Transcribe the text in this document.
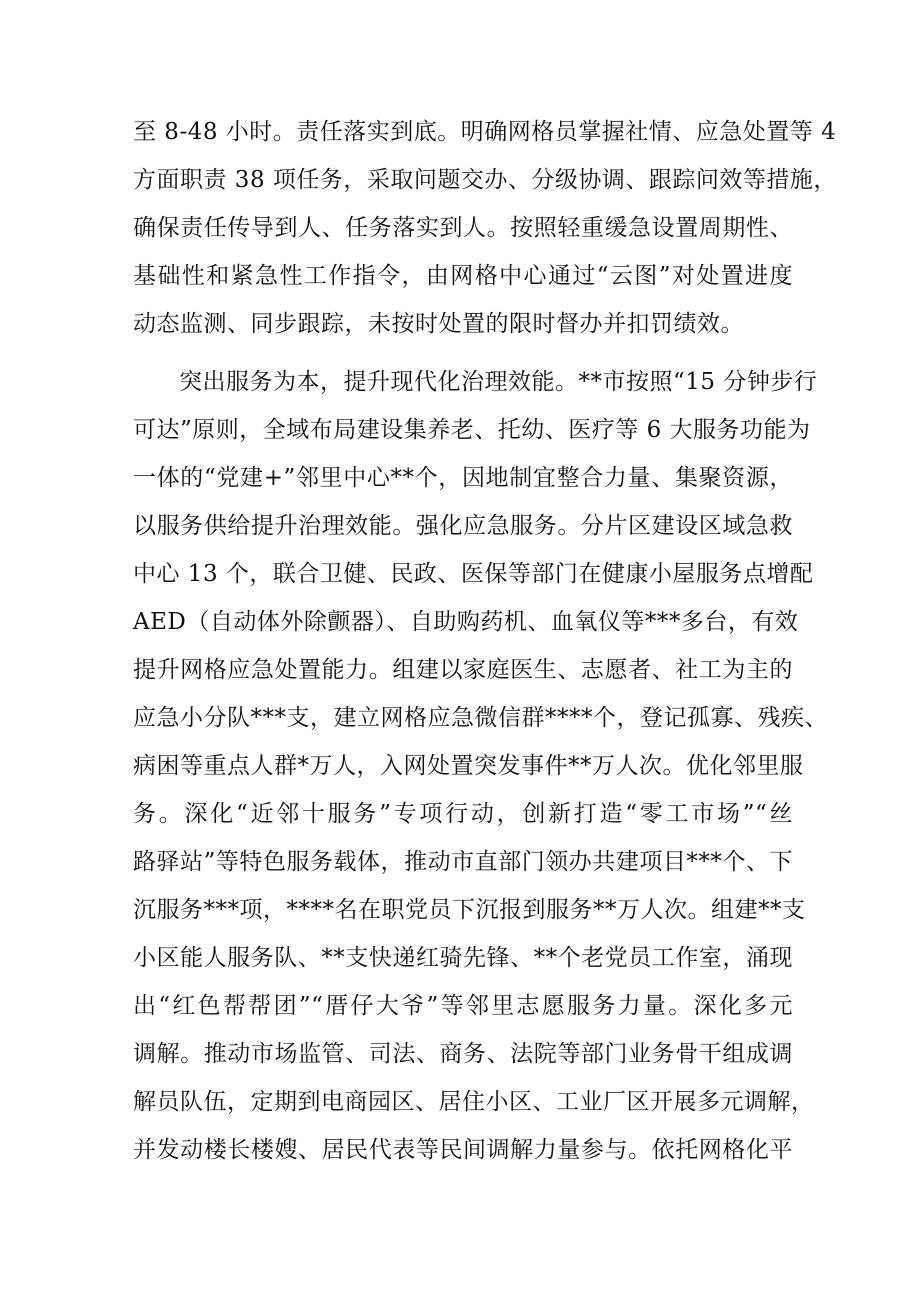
至 8-48 小时。责任落实到底。明确网格员掌握社情、应急处置等 4
方面职责 38 项任务，采取问题交办、分级协调、跟踪问效等措施，
确保责任传导到人、任务落实到人。按照轻重缓急设置周期性、
基础性和紧急性工作指令，由网格中心通过“云图”对处置进度
动态监测、同步跟踪，未按时处置的限时督办并扣罚绩效。
突出服务为本，提升现代化治理效能。**市按照“15 分钟步行
可达”原则，全域布局建设集养老、托幼、医疗等 6 大服务功能为
一体的“党建+”邻里中心**个，因地制宜整合力量、集聚资源，
以服务供给提升治理效能。强化应急服务。分片区建设区域急救
中心 13 个，联合卫健、民政、医保等部门在健康小屋服务点增配
AED（自动体外除颤器）、自助购药机、血氧仪等***多台，有效
提升网格应急处置能力。组建以家庭医生、志愿者、社工为主的
应急小分队***支，建立网格应急微信群****个，登记孤寡、残疾、
病困等重点人群*万人，入网处置突发事件**万人次。优化邻里服
务。深化“近邻十服务”专项行动，创新打造“零工市场”“丝
路驿站”等特色服务载体，推动市直部门领办共建项目***个、下
沉服务***项，****名在职党员下沉报到服务**万人次。组建**支
小区能人服务队、**支快递红骑先锋、**个老党员工作室，涌现
出“红色帮帮团”“厝仔大爷”等邻里志愿服务力量。深化多元
调解。推动市场监管、司法、商务、法院等部门业务骨干组成调
解员队伍，定期到电商园区、居住小区、工业厂区开展多元调解，
并发动楼长楼嫂、居民代表等民间调解力量参与。依托网格化平
